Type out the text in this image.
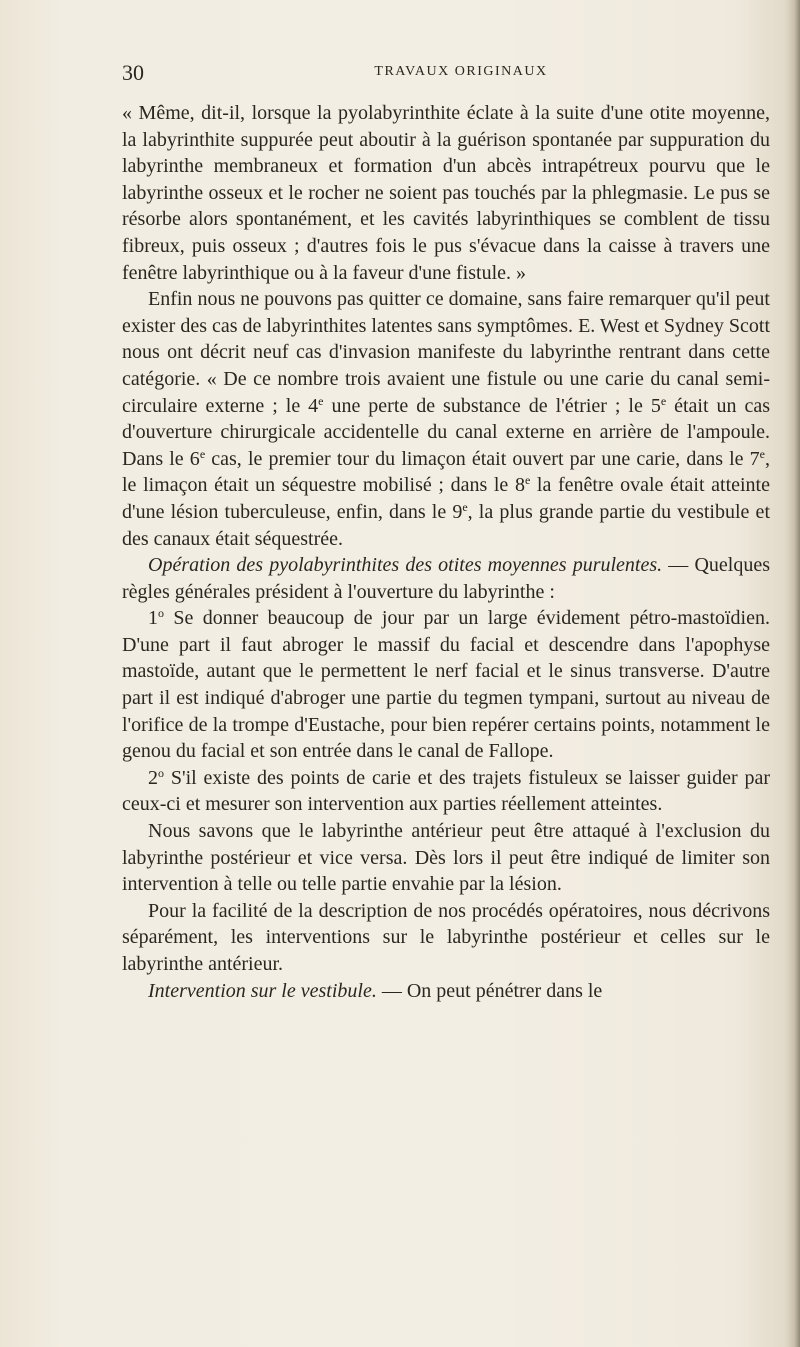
30	TRAVAUX ORIGINAUX

« Même, dit-il, lorsque la pyolabyrinthite éclate à la suite d'une otite moyenne, la labyrinthite suppurée peut aboutir à la guérison spontanée par suppuration du labyrinthe membraneux et formation d'un abcès intrapétreux pourvu que le labyrinthe osseux et le rocher ne soient pas touchés par la phlegmasie. Le pus se résorbe alors spontanément, et les cavités labyrinthiques se comblent de tissu fibreux, puis osseux ; d'autres fois le pus s'évacue dans la caisse à travers une fenêtre labyrinthique ou à la faveur d'une fistule. »

Enfin nous ne pouvons pas quitter ce domaine, sans faire remarquer qu'il peut exister des cas de labyrinthites latentes sans symptômes. E. West et Sydney Scott nous ont décrit neuf cas d'invasion manifeste du labyrinthe rentrant dans cette catégorie. « De ce nombre trois avaient une fistule ou une carie du canal semi-circulaire externe ; le 4e une perte de substance de l'étrier ; le 5e était un cas d'ouverture chirurgicale accidentelle du canal externe en arrière de l'ampoule. Dans le 6e cas, le premier tour du limaçon était ouvert par une carie, dans le 7e, le limaçon était un séquestre mobilisé ; dans le 8e la fenêtre ovale était atteinte d'une lésion tuberculeuse, enfin, dans le 9e, la plus grande partie du vestibule et des canaux était séquestrée.

Opération des pyolabyrinthites des otites moyennes purulentes. — Quelques règles générales président à l'ouverture du labyrinthe :

1$^o$ Se donner beaucoup de jour par un large évidement pétro-mastoïdien. D'une part il faut abroger le massif du facial et descendre dans l'apophyse mastoïde, autant que le permettent le nerf facial et le sinus transverse. D'autre part il est indiqué d'abroger une partie du tegmen tympani, surtout au niveau de l'orifice de la trompe d'Eustache, pour bien repérer certains points, notamment le genou du facial et son entrée dans le canal de Fallope.

2$^o$ S'il existe des points de carie et des trajets fistuleux se laisser guider par ceux-ci et mesurer son intervention aux parties réellement atteintes.

Nous savons que le labyrinthe antérieur peut être attaqué à l'exclusion du labyrinthe postérieur et vice versa. Dès lors il peut être indiqué de limiter son intervention à telle ou telle partie envahie par la lésion.

Pour la facilité de la description de nos procédés opératoires, nous décrivons séparément, les interventions sur le labyrinthe postérieur et celles sur le labyrinthe antérieur.

Intervention sur le vestibule. — On peut pénétrer dans le
